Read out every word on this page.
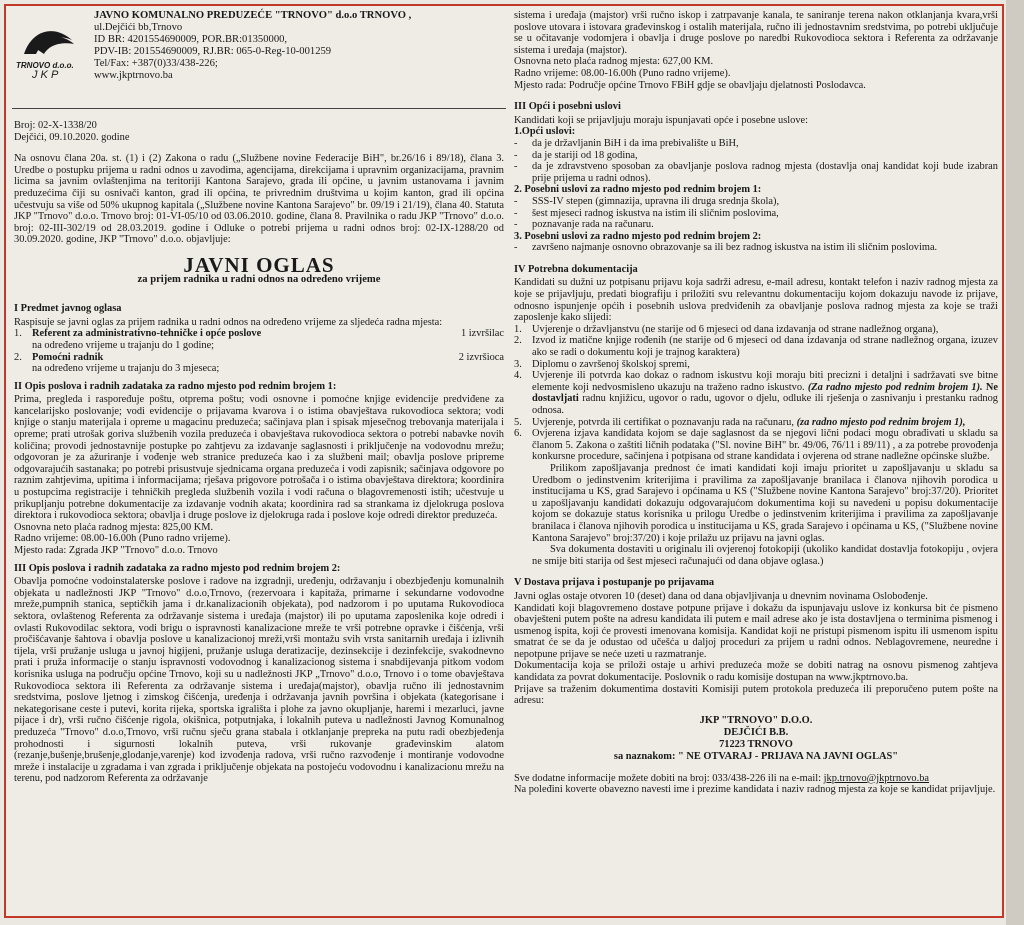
TRNOVO d.o.o.
J K P
JAVNO KOMUNALNO PREDUZEĆE "TRNOVO" d.o.o TRNOVO ,
ul.Dejčići bb,Trnovo
ID BR: 4201554690009, POR.BR:01350000,
PDV-IB: 201554690009, RJ.BR: 065-0-Reg-10-001259
Tel/Fax: +387(0)33/438-226;
www.jkptrnovo.ba

Broj: 02-X-1338/20

Dejčići, 09.10.2020. godine

Na osnovu člana 20a. st. (1) i (2) Zakona o radu („Službene novine Federacije BiH", br.26/16 i 89/18), člana 3. Uredbe o postupku prijema u radni odnos u zavodima, agencijama, direkcijama i upravnim organizacijama, pravnim licima sa javnim ovlaštenjima na teritoriji Kantona Sarajevo, grada ili općine, u javnim ustanovama i javnim preduzećima čiji su osnivači kanton, grad ili općina, te privrednim društvima u kojim kanton, grad ili općina učestvuju sa više od 50% ukupnog kapitala („Službene novine Kantona Sarajevo" br. 09/19 i 21/19), člana 40. Statuta JKP "Trnovo" d.o.o. Trnovo broj: 01-VI-05/10 od 03.06.2010. godine, člana 8. Pravilnika o radu JKP "Trnovo" d.o.o. broj: 02-III-302/19 od 28.03.2019. godine i Odluke o potrebi prijema u radni odnos broj: 02-IX-1288/20 od 30.09.2020. godine, JKP "Trnovo" d.o.o. objavljuje:

JAVNI OGLAS
za prijem radnika u radni odnos na određeno vrijeme
I Predmet javnog oglasa

Raspisuje se javni oglas za prijem radnika u radni odnos na određeno vrijeme za sljedeća radna mjesta:

1. Referent za administrativno-tehničke i opće poslove	1 izvršilac
na određeno vrijeme u trajanju do 1 godine;
2. Pomoćni radnik	2 izvršioca
na određeno vrijeme u trajanju do 3 mjeseca;
II Opis poslova i radnih zadataka za radno mjesto pod rednim brojem 1:

Prima, pregleda i raspoređuje poštu, otprema poštu; vodi osnovne i pomoćne knjige evidencije predviđene za kancelarijsko poslovanje; vodi evidencije o prijavama kvarova i o istima obavještava rukovodioca sektora; vodi knjige o stanju materijala i opreme u magacinu preduzeća; sačinjava plan i spisak mjesečnog trebovanja materijala i opreme; prati utrošak goriva službenih vozila preduzeća i obavještava rukovodioca sektora o potrebi nabavke novih količina; provodi jednostavnije postupke po zahtjevu za izdavanje saglasnosti i priključenje na vodovodnu mrežu; odgovoran je za ažuriranje i vođenje web stranice preduzeća kao i za službeni mail; obavlja poslove pripreme odgovarajućih sastanaka; po potrebi prisustvuje sjednicama organa preduzeća i vodi zapisnik; sačinjava odgovore po raznim zahtjevima, upitima i informacijama; rješava prigovore potrošača i o istima obavještava direktora; koordinira u postupcima registracije i tehničkih pregleda službenih vozila i vodi računa o blagovremenosti istih; učestvuje u prikupljanju potrebne dokumentacije za izdavanje vodnih akata; koordinira rad sa strankama iz djelokruga poslova direktora i rukovodioca sektora; obavlja i druge poslove iz djelokruga rada i poslove koje odredi direktor preduzeća.

Osnovna neto plaća radnog mjesta: 825,00 KM.
Radno vrijeme: 08.00-16.00h (Puno radno vrijeme).
Mjesto rada: Zgrada JKP "Trnovo" d.o.o. Trnovo
III Opis poslova i radnih zadataka za radno mjesto pod rednim brojem 2:

Obavlja pomoćne vodoinstalaterske poslove i radove na izgradnji, uređenju, održavanju i obezbjeđenju komunalnih objekata u nadležnosti JKP "Trnovo" d.o.o,Trnovo, (rezervoara i kapitaža, primarne i sekundarne vodovodne mreže,pumpnih stanica, septičkih jama i dr.kanalizacionih objekata), pod nadzorom i po uputama Rukovodioca sektora, ovlaštenog Referenta za održavanje sistema i uređaja (majstor) ili po uputama zaposlenika koje odredi i ovlasti Rukovodilac sektora, vodi brigu o ispravnosti kanalizacione mreže te vrši potrebne opravke i čišćenja, vrši pročišćavanje šahtova i obavlja poslove u kanalizacionoj mreži,vrši montažu svih vrsta sanitarnih uređaja i izlivnih tijela, vrši pružanje usluga u javnoj higijeni, pružanje usluga deratizacije, dezinsekcije i dezinfekcije, svakodnevno prati i pruža informacije o stanju ispravnosti vodovodnog i kanalizacionog sistema i snabdijevanja pitkom vodom korisnika usluga na području općine Trnovo, koji su u nadležnosti JKP „Trnovo" d.o.o, Trnovo i o tome obavještava Rukovodioca sektora ili Referenta za održavanje sistema i uređaja(majstor), obavlja ručno ili jednostavnim sredstvima, poslove ljetnog i zimskog čišćenja, uređenja i održavanja javnih površina i objekata (kategorisane i nekategorisane ceste i putevi, korita rijeka, sportska igrališta i plohe za javno okupljanje, haremi i mezarluci, javne pijace i dr), vrši ručno čišćenje rigola, okišnica, potputnjaka, i lokalnih puteva u nadležnosti Javnog Komunalnog preduzeća "Trnovo" d.o.o,Trnovo, vrši ručnu sječu grana stabala i otklanjanje prepreka na putu radi obezbjeđenja prohodnosti i sigurnosti lokalnih puteva, vrši rukovanje građevinskim alatom (rezanje,bušenje,brušenje,glodanje,varenje) kod izvođenja radova, vrši ručno razvođenje i montiranje vodovodne mreže i instalacije u zgradama i van zgrada i priključenje objekata na postojeću vodovodnu i kanalizacionu mrežu na terenu, pod nadzorom Referenta za održavanje

sistema i uređaja (majstor) vrši ručno iskop i zatrpavanje kanala, te saniranje terena nakon otklanjanja kvara,vrši poslove utovara i istovara građevinskog i ostalih materijala, ručno ili jednostavnim sredstvima, po potrebi uključuje se u očitavanje vodomjera i obavlja i druge poslove po naredbi Rukovodioca sektora i Referenta za održavanje sistema i uređaja (majstor).

Osnovna neto plaća radnog mjesta: 627,00 KM.
Radno vrijeme: 08.00-16.00h (Puno radno vrijeme).
Mjesto rada: Područje općine Trnovo FBiH gdje se obavljaju djelatnosti Poslodavca.
III Opći i posebni uslovi
Kandidati koji se prijavljuju moraju ispunjavati opće i posebne uslove:
1.Opći uslovi:
-	da je državljanin BiH i da ima prebivalište u BiH,
-	da je stariji od 18 godina,
-	da je zdravstveno sposoban za obavljanje poslova radnog mjesta (dostavlja onaj kandidat koji bude izabran prije prijema u radni odnos).
2. Posebni uslovi za radno mjesto pod rednim brojem 1:
-	SSS-IV stepen (gimnazija, upravna ili druga srednja škola),
-	šest mjeseci radnog iskustva na istim ili sličnim poslovima,
-	poznavanje rada na računaru.
3. Posebni uslovi za radno mjesto pod rednim brojem 2:
-	završeno najmanje osnovno obrazovanje sa ili bez radnog iskustva na istim ili sličnim poslovima.
IV Potrebna dokumentacija

Kandidati su dužni uz potpisanu prijavu koja sadrži adresu, e-mail adresu, kontakt telefon i naziv radnog mjesta za koje se prijavljuju, predati biografiju i priložiti svu relevantnu dokumentaciju kojom dokazuju navode iz prijave, odnosno ispunjenje općih i posebnih uslova predviđenih za obavljanje poslova radnog mjesta za koje se traži zaposlenje kako slijedi:

1. Uvjerenje o državljanstvu (ne starije od 6 mjeseci od dana izdavanja od strane nadležnog organa),
2. Izvod iz matične knjige rođenih (ne starije od 6 mjeseci od dana izdavanja od strane nadležnog organa, izuzev ako se radi o dokumentu koji je trajnog karaktera)
3. Diplomu o završenoj školskoj spremi,
4. Uvjerenje ili potvrda kao dokaz o radnom iskustvu koji moraju biti precizni i detaljni i sadržavati sve bitne elemente koji nedvosmisleno ukazuju na traženo radno iskustvo. (Za radno mjesto pod rednim brojem 1). Ne dostavljati radnu knjižicu, ugovor o radu, ugovor o djelu, odluke ili rješenja o zasnivanju i prestanku radnog odnosa.
5. Uvjerenje, potvrda ili certifikat o poznavanju rada na računaru, (za radno mjesto pod rednim brojem 1),
6. Ovjerena izjava kandidata kojom se daje saglasnost da se njegovi lični podaci mogu obrađivati u skladu sa članom 5. Zakona o zaštiti ličnih podataka ("Sl. novine BiH" br. 49/06, 76/11 i 89/11) , a za potrebe provođenja konkursne procedure, sačinjena i potpisana od strane kandidata i ovjerena od strane nadležne općinske službe.
Prilikom zapošljavanja prednost će imati kandidati koji imaju prioritet u zapošljavanju u skladu sa Uredbom o jedinstvenim kriterijima i pravilima za zapošljavanje branilaca i članova njihovih porodica u institucijama u KS, grad Sarajevo i općinama u KS ("Službene novine Kantona Sarajevo" broj:37/20). Prioritet u zapošljavanju kandidati dokazuju odgovarajućom dokumentima koji su navedeni u popisu dokumentacije kojom se dokazuje status korisnika u prilogu Uredbe o jedinstvenim kriterijima i pravilima za zapošljavanje branilaca i članova njihovih porodica u institucijama u KS, grada Sarajevo i općinama u KS, ("Službene novine Kantona Sarajevo" broj:37/20) i koje prilažu uz prijavu na javni oglas.
Sva dokumenta dostaviti u originalu ili ovjerenoj fotokopiji (ukoliko kandidat dostavlja fotokopiju , ovjera ne smije biti starija od šest mjeseci računajući od dana objave oglasa.)
V Dostava prijava i postupanje po prijavama
Javni oglas ostaje otvoren 10 (deset) dana od dana objavljivanja u dnevnim novinama Oslobođenje.
Kandidati koji blagovremeno dostave potpune prijave i dokažu da ispunjavaju uslove iz konkursa bit će pismeno obavješteni putem pošte na adresu kandidata ili putem e mail adrese ako je ista dostavljena o terminima pismenog i usmenog ispita, koji će provesti imenovana komisija. Kandidat koji ne pristupi pismenom ispitu ili usmenom ispitu smatrat će se da je odustao od učešća u daljoj proceduri za prijem u radni odnos. Neblagovremene, neuredne i nepotpune prijave se neće uzeti u razmatranje.
Dokumentacija koja se priloži ostaje u arhivi preduzeća može se dobiti natrag na osnovu pismenog zahtjeva kandidata za povrat dokumentacije. Poslovnik o radu komisije dostupan na www.jkptrnovo.ba.
Prijave sa traženim dokumentima dostaviti Komisiji putem protokola preduzeća ili preporučeno putem pošte na adresu:
JKP "TRNOVO" D.O.O.
DEJČIĆI B.B.
71223 TRNOVO
sa naznakom: " NE OTVARAJ - PRIJAVA NA JAVNI OGLAS"
Sve dodatne informacije možete dobiti na broj: 033/438-226 ili na e-mail: jkp.trnovo@jkptrnovo.ba
Na poleđini koverte obavezno navesti ime i prezime kandidata i naziv radnog mjesta za koje se kandidat prijavljuje.
